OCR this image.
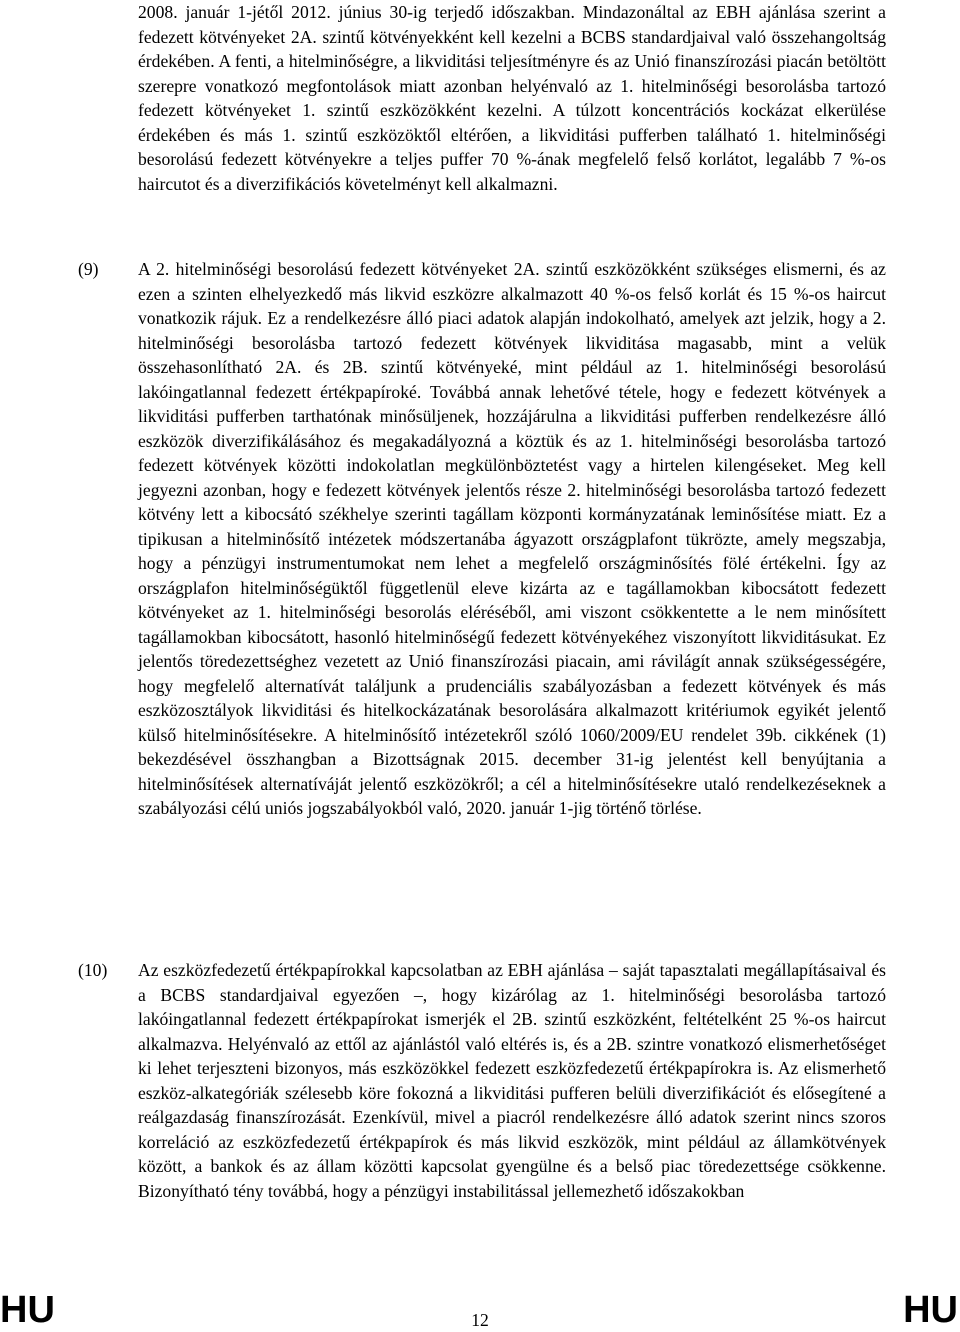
2008. január 1-jétől 2012. június 30-ig terjedő időszakban. Mindazonáltal az EBH ajánlása szerint a fedezett kötvényeket 2A. szintű kötvényekként kell kezelni a BCBS standardjaival való összehangoltság érdekében. A fenti, a hitelminőségre, a likviditási teljesítményre és az Unió finanszírozási piacán betöltött szerepre vonatkozó megfontolások miatt azonban helyénvaló az 1. hitelminőségi besorolásba tartozó fedezett kötvényeket 1. szintű eszközökként kezelni. A túlzott koncentrációs kockázat elkerülése érdekében és más 1. szintű eszközöktől eltérően, a likviditási pufferben található 1. hitelminőségi besorolású fedezett kötvényekre a teljes puffer 70 %-ának megfelelő felső korlátot, legalább 7 %-os haircutot és a diverzifikációs követelményt kell alkalmazni.

(9) A 2. hitelminőségi besorolású fedezett kötvényeket 2A. szintű eszközökként szükséges elismerni, és az ezen a szinten elhelyezkedő más likvid eszközre alkalmazott 40 %-os felső korlát és 15 %-os haircut vonatkozik rájuk. Ez a rendelkezésre álló piaci adatok alapján indokolható, amelyek azt jelzik, hogy a 2. hitelminőségi besorolásba tartozó fedezett kötvények likviditása magasabb, mint a velük összehasonlítható 2A. és 2B. szintű kötvényeké, mint például az 1. hitelminőségi besorolású lakóingatlannal fedezett értékpapíroké. Továbbá annak lehetővé tétele, hogy e fedezett kötvények a likviditási pufferben tarthatónak minősüljenek, hozzájárulna a likviditási pufferben rendelkezésre álló eszközök diverzifikálásához és megakadályozná a köztük és az 1. hitelminőségi besorolásba tartozó fedezett kötvények közötti indokolatlan megkülönböztetést vagy a hirtelen kilengéseket. Meg kell jegyezni azonban, hogy e fedezett kötvények jelentős része 2. hitelminőségi besorolásba tartozó fedezett kötvény lett a kibocsátó székhelye szerinti tagállam központi kormányzatának leminősítése miatt. Ez a tipikusan a hitelminősítő intézetek módszertanába ágyazott országplafont tükrözte, amely megszabja, hogy a pénzügyi instrumentumokat nem lehet a megfelelő országminősítés fölé értékelni. Így az országplafon hitelminőségüktől függetlenül eleve kizárta az e tagállamokban kibocsátott fedezett kötvényeket az 1. hitelminőségi besorolás eléréséből, ami viszont csökkentette a le nem minősített tagállamokban kibocsátott, hasonló hitelminőségű fedezett kötvényekéhez viszonyított likviditásukat. Ez jelentős töredezettséghez vezetett az Unió finanszírozási piacain, ami rávilágít annak szükségességére, hogy megfelelő alternatívát találjunk a prudenciális szabályozásban a fedezett kötvények és más eszközosztályok likviditási és hitelkockázatának besorolására alkalmazott kritériumok egyikét jelentő külső hitelminősítésekre. A hitelminősítő intézetekről szóló 1060/2009/EU rendelet 39b. cikkének (1) bekezdésével összhangban a Bizottságnak 2015. december 31-ig jelentést kell benyújtania a hitelminősítések alternatíváját jelentő eszközökről; a cél a hitelminősítésekre utaló rendelkezéseknek a szabályozási célú uniós jogszabályokból való, 2020. január 1-jig történő törlése.

(10) Az eszközfedezetű értékpapírokkal kapcsolatban az EBH ajánlása – saját tapasztalati megállapításaival és a BCBS standardjaival egyezően –, hogy kizárólag az 1. hitelminőségi besorolásba tartozó lakóingatlannal fedezett értékpapírokat ismerjék el 2B. szintű eszközként, feltételként 25 %-os haircut alkalmazva. Helyénvaló az ettől az ajánlástól való eltérés is, és a 2B. szintre vonatkozó elismerhetőséget ki lehet terjeszteni bizonyos, más eszközökkel fedezett eszközfedezetű értékpapírokra is. Az elismerhető eszköz-alkategóriák szélesebb köre fokozná a likviditási pufferen belüli diverzifikációt és elősegítené a reálgazdaság finanszírozását. Ezenkívül, mivel a piacról rendelkezésre álló adatok szerint nincs szoros korreláció az eszközfedezetű értékpapírok és más likvid eszközök, mint például az államkötvények között, a bankok és az állam közötti kapcsolat gyengülne és a belső piac töredezettsége csökkenne. Bizonyítható tény továbbá, hogy a pénzügyi instabilitással jellemezhető időszakokban

HU	12	HU
